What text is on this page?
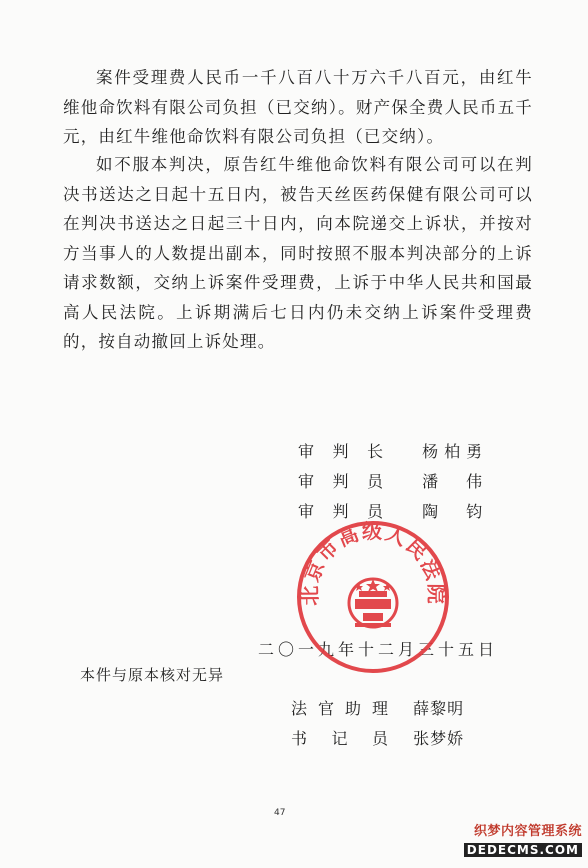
案件受理费人民币一千八百八十万六千八百元，由红牛维他命饮料有限公司负担（已交纳）。财产保全费人民币五千元，由红牛维他命饮料有限公司负担（已交纳）。

如不服本判决，原告红牛维他命饮料有限公司可以在判决书送达之日起十五日内，被告天丝医药保健有限公司可以在判决书送达之日起三十日内，向本院递交上诉状，并按对方当事人的人数提出副本，同时按照不服本判决部分的上诉请求数额，交纳上诉案件受理费，上诉于中华人民共和国最高人民法院。上诉期满后七日内仍未交纳上诉案件受理费的，按自动撤回上诉处理。

审判长 杨柏勇
审判员 潘伟
审判员 陶钧
北京市高级人民法院
二〇一九年十二月三十五日
本件与原本核对无异
法官助理 薛黎明
书记员 张梦娇
47
织梦内容管理系统
DEDECMS.COM
